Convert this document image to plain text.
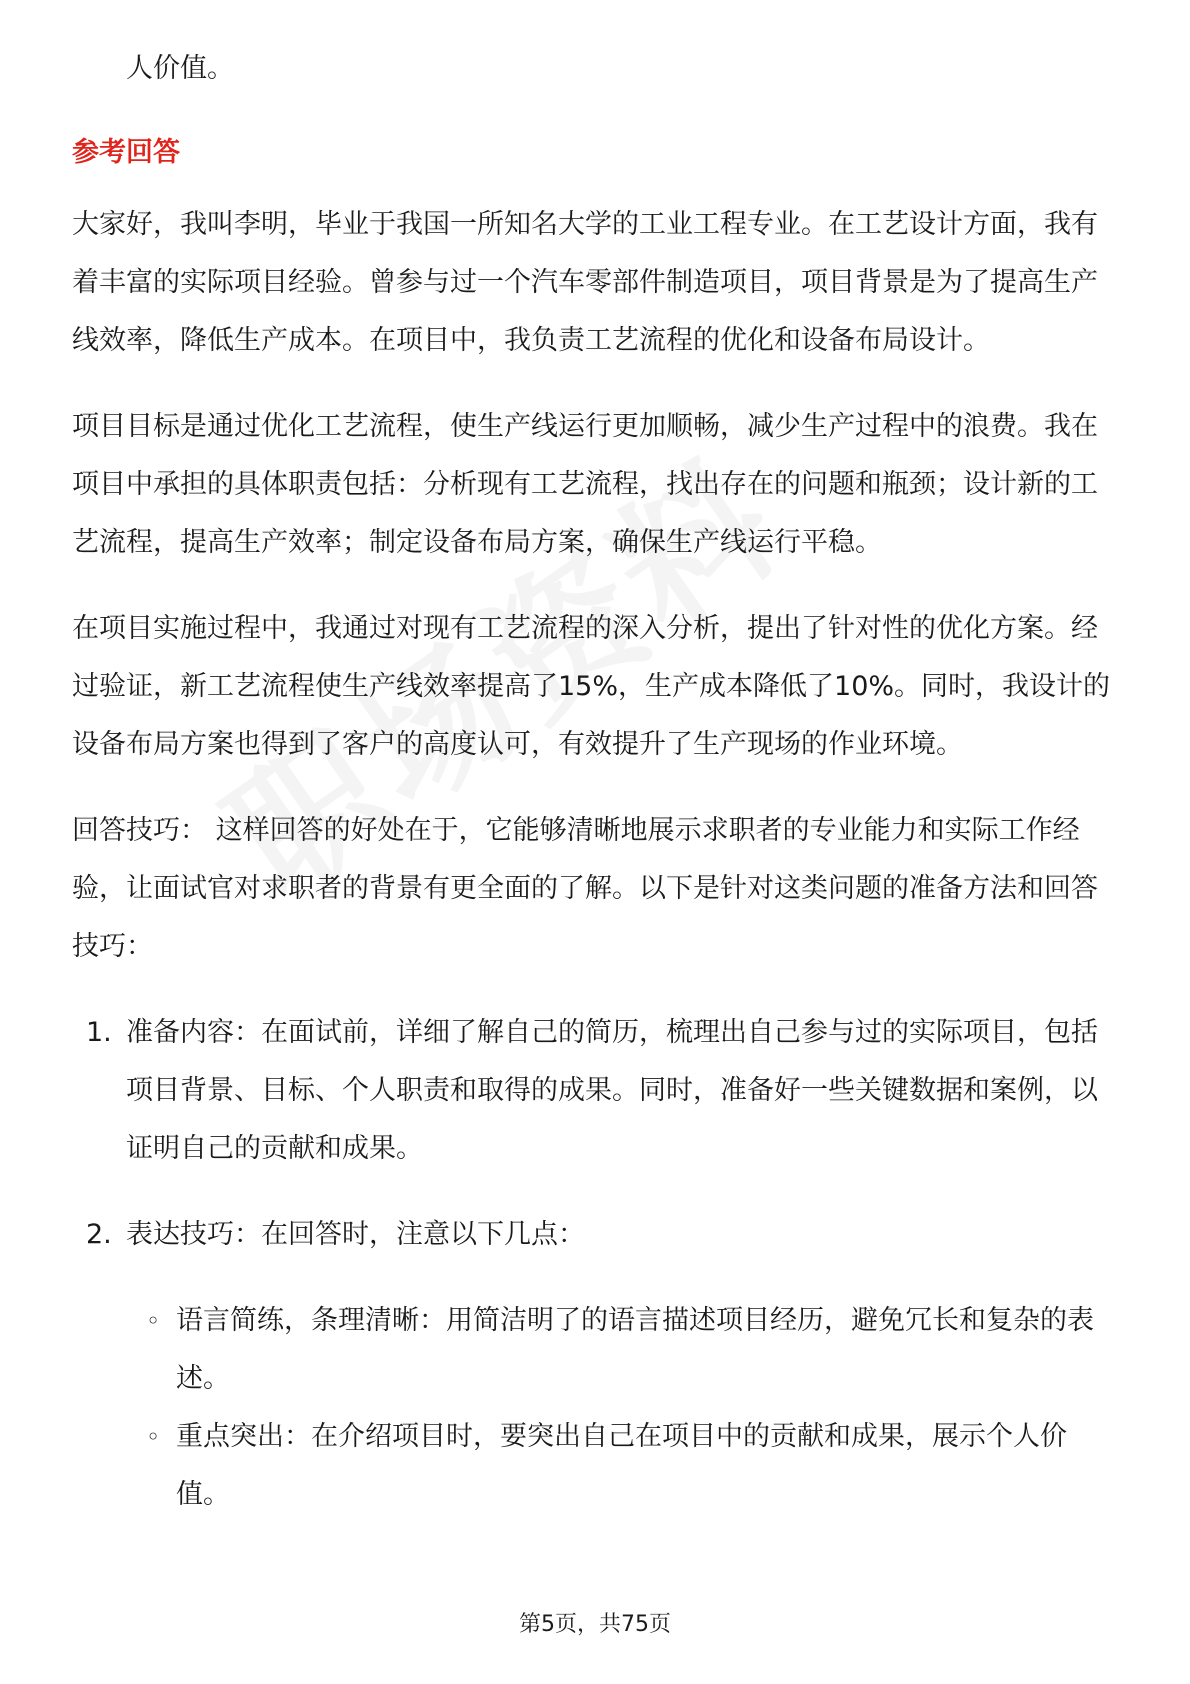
人价值。

参考回答

大家好，我叫李明，毕业于我国一所知名大学的工业工程专业。在工艺设计方面，我有着丰富的实际项目经验。曾参与过一个汽车零部件制造项目，项目背景是为了提高生产线效率，降低生产成本。在项目中，我负责工艺流程的优化和设备布局设计。

项目目标是通过优化工艺流程，使生产线运行更加顺畅，减少生产过程中的浪费。我在项目中承担的具体职责包括：分析现有工艺流程，找出存在的问题和瓶颈；设计新的工艺流程，提高生产效率；制定设备布局方案，确保生产线运行平稳。

在项目实施过程中，我通过对现有工艺流程的深入分析，提出了针对性的优化方案。经过验证，新工艺流程使生产线效率提高了15%，生产成本降低了10%。同时，我设计的设备布局方案也得到了客户的高度认可，有效提升了生产现场的作业环境。

回答技巧： 这样回答的好处在于，它能够清晰地展示求职者的专业能力和实际工作经验，让面试官对求职者的背景有更全面的了解。以下是针对这类问题的准备方法和回答技巧：

1. 准备内容：在面试前，详细了解自己的简历，梳理出自己参与过的实际项目，包括项目背景、目标、个人职责和取得的成果。同时，准备好一些关键数据和案例，以证明自己的贡献和成果。

2. 表达技巧：在回答时，注意以下几点：

◦ 语言简练，条理清晰：用简洁明了的语言描述项目经历，避免冗长和复杂的表述。

◦ 重点突出：在介绍项目时，要突出自己在项目中的贡献和成果，展示个人价值。

第5页，共75页
